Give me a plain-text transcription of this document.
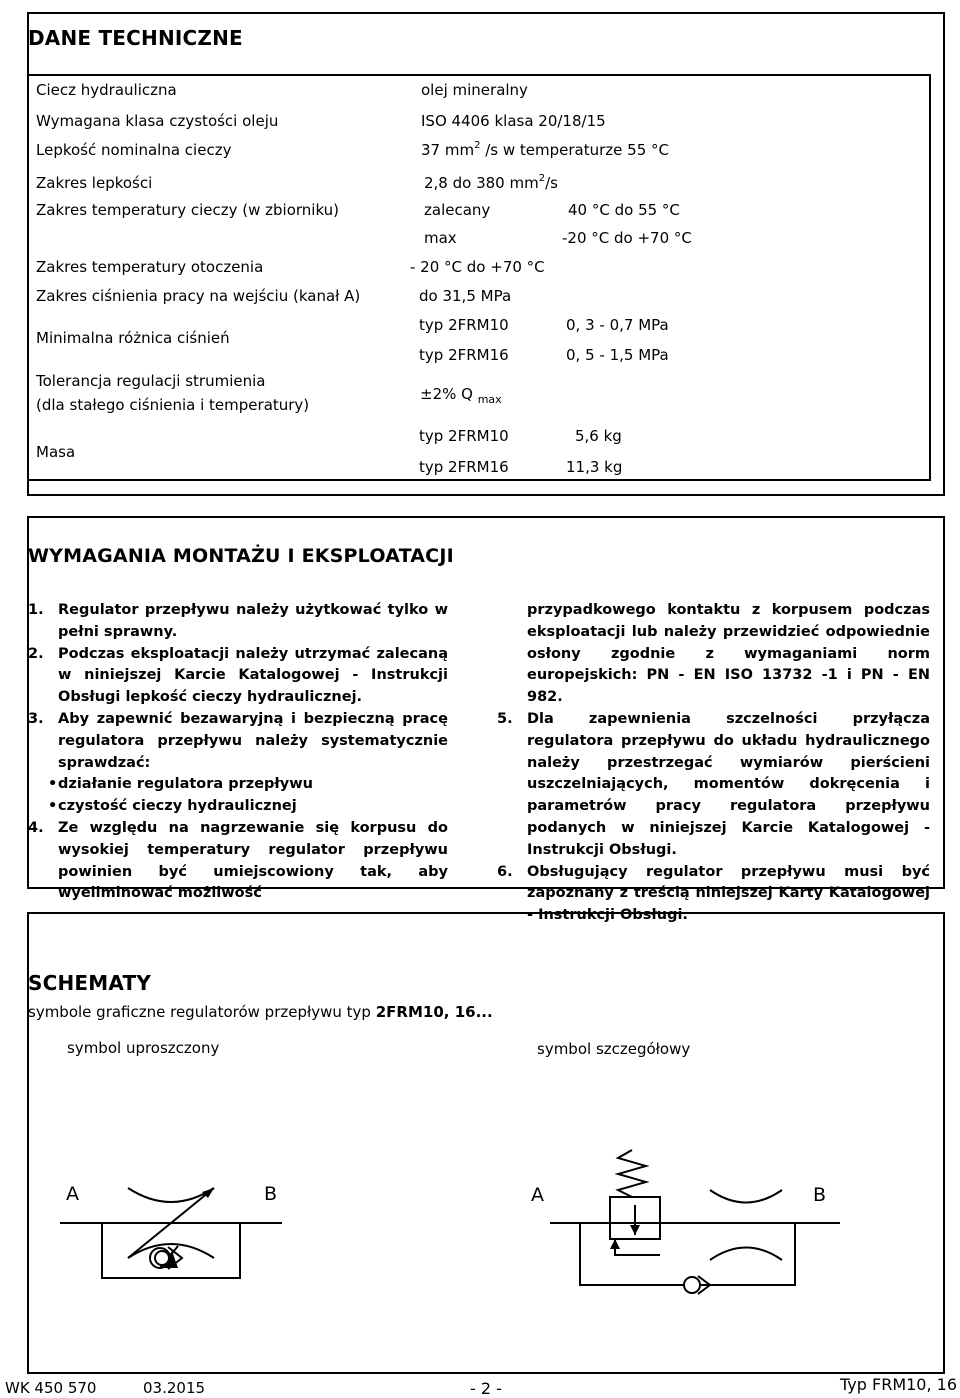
DANE TECHNICZNE
Ciecz hydrauliczna	olej mineralny
Wymagana klasa czystości oleju	ISO 4406 klasa 20/18/15
Lepkość nominalna cieczy	37 $mm^2$ /s w temperaturze 55 °C
Zakres lepkości	2,8 do 380 $mm^2/s$
Zakres temperatury cieczy (w zbiorniku)	zalecany	40 °C do 55 °C
max	-20 °C do +70 °C
Zakres temperatury otoczenia	- 20 °C do +70 °C
Zakres ciśnienia pracy na wejściu (kanał A)	do 31,5 MPa
Minimalna różnica ciśnień
typ 2FRM10	0, 3 - 0,7 MPa
typ 2FRM16	0, 5 - 1,5 MPa
Tolerancja regulacji strumienia
(dla stałego ciśnienia i temperatury)
±2% Q $_{max}$
Masa
typ 2FRM10	5,6 kg
typ 2FRM16	11,3 kg
WYMAGANIA MONTAŻU I EKSPLOATACJI
1. Regulator przepływu należy użytkować tylko w pełni sprawny.
2. Podczas eksploatacji należy utrzymać zalecaną w niniejszej Karcie Katalogowej - Instrukcji Obsługi lepkość cieczy hydraulicznej.
3. Aby zapewnić bezawaryjną i bezpieczną pracę regulatora przepływu należy systematycznie sprawdzać:
• działanie regulatora przepływu
• czystość cieczy hydraulicznej
4. Ze względu na nagrzewanie się korpusu do wysokiej temperatury regulator przepływu powinien być umiejscowiony tak, aby wyeliminować możliwość
przypadkowego kontaktu z korpusem podczas eksploatacji lub należy przewidzieć odpowiednie osłony zgodnie z wymaganiami norm europejskich: PN - EN ISO 13732 -1 i PN - EN 982.
5. Dla zapewnienia szczelności przyłącza regulatora przepływu do układu hydraulicznego należy przestrzegać wymiarów pierścieni uszczelniających, momentów dokręcenia i parametrów pracy regulatora przepływu podanych w niniejszej Karcie Katalogowej - Instrukcji Obsługi.
6. Obsługujący regulator przepływu musi być zapoznany z treścią niniejszej Karty Katalogowej - Instrukcji Obsługi.
SCHEMATY
symbole graficzne regulatorów przepływu typ 2FRM10, 16...
symbol uproszczony	symbol szczegółowy
A	B	A	B
WK 450 570	03.2015	- 2 -	Typ FRM10, 16
